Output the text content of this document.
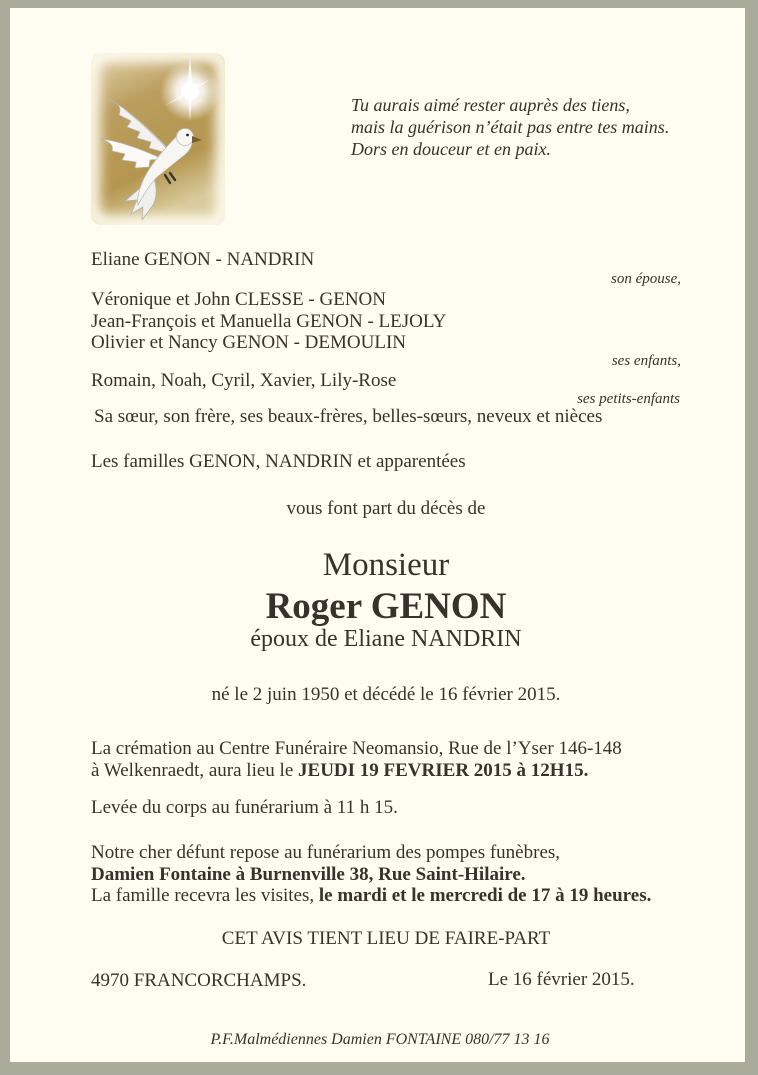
Tu aurais aimé rester auprès des tiens,
mais la guérison n’était pas entre tes mains.
Dors en douceur et en paix.
Eliane GENON - NANDRIN
son épouse,
Véronique et John CLESSE - GENON
Jean-François et Manuella GENON - LEJOLY
Olivier et Nancy GENON - DEMOULIN
ses enfants,
Romain, Noah, Cyril, Xavier, Lily-Rose
ses petits-enfants
Sa sœur, son frère, ses beaux-frères, belles-sœurs, neveux et nièces
Les familles GENON, NANDRIN et apparentées
vous font part du décès de
Monsieur
Roger GENON
époux de Eliane NANDRIN
né le 2 juin 1950 et décédé le 16 février 2015.
La crémation au Centre Funéraire Neomansio, Rue de l’Yser 146-148
à Welkenraedt, aura lieu le JEUDI 19 FEVRIER 2015 à 12H15.
Levée du corps au funérarium à 11 h 15.
Notre cher défunt repose au funérarium des pompes funèbres,
Damien Fontaine à Burnenville 38, Rue Saint-Hilaire.
La famille recevra les visites, le mardi et le mercredi de 17 à 19 heures.
CET AVIS TIENT LIEU DE FAIRE-PART
4970 FRANCORCHAMPS.	Le 16 février 2015.
P.F.Malmédiennes Damien FONTAINE 080/77 13 16
